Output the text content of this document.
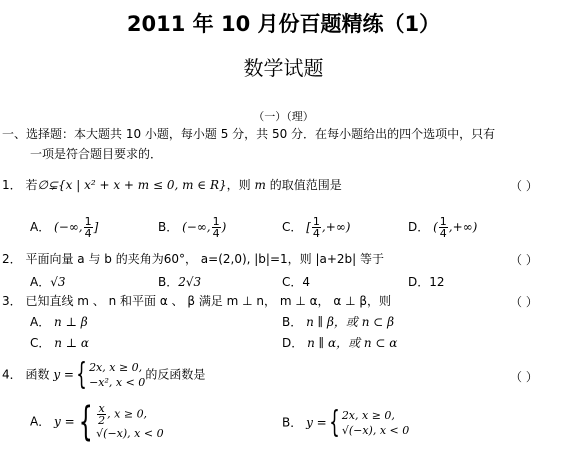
2011 年 10 月份百题精练（1）
数学试题
（一）（理）
一、选择题：本大题共 10 小题，每小题 5 分，共 50 分．在每小题给出的四个选项中，只有
一项是符合题目要求的．
1． 若∅⊊{x | x² + x + m ≤ 0, m ∈ R}，则 m 的取值范围是	（ ）
A． (−∞, $\frac{1}{4}$ ]	B． (−∞, $\frac{1}{4}$ )	C． [ $\frac{1}{4}$ ,+∞)	D． ( $\frac{1}{4}$ ,+∞)
2． 平面向量 a 与 b 的夹角为60°， a=(2,0), |b|=1，则 |a+2b| 等于	（ ）
A．√3	B．2√3	C．4	D．12
3． 已知直线 m 、 n 和平面 α 、 β 满足 m ⊥ n， m ⊥ α， α ⊥ β，则	（ ）
A． n ⊥ β	B． n ∥ β，或 n ⊂ β
C． n ⊥ α	D． n ∥ α，或 n ⊂ α
4． 函数 y ={ 2x, x ≥ 0,
−x², x < 0
的反函数是	（ ）
A． y ={ $\frac{x}{2}$ , x ≥ 0,
√(−x), x < 0
B． y ={ 2x, x ≥ 0,
√(−x), x < 0
